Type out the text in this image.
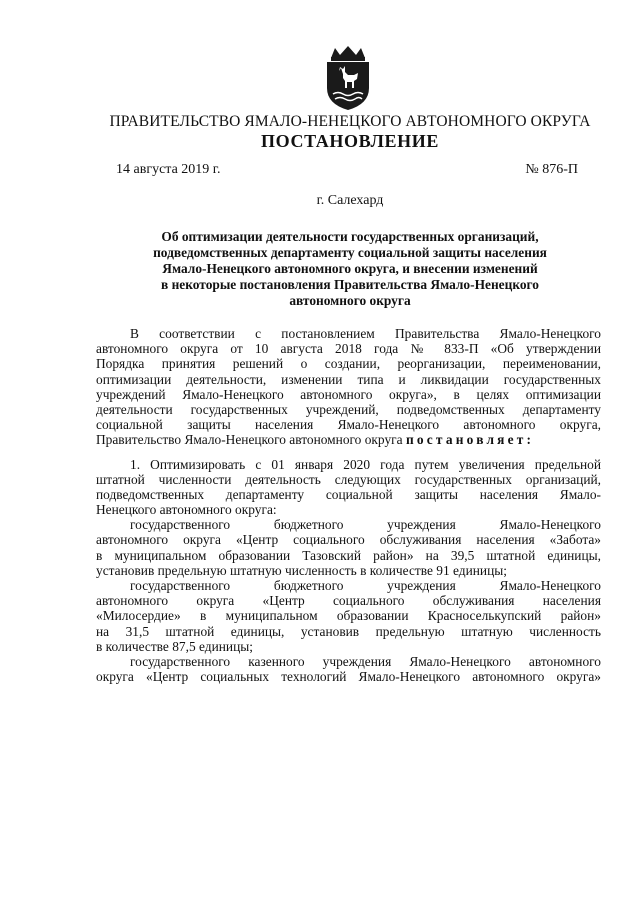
ПРАВИТЕЛЬСТВО ЯМАЛО-НЕНЕЦКОГО АВТОНОМНОГО ОКРУГА
ПОСТАНОВЛЕНИЕ
14 августа 2019 г.	№ 876-П
г. Салехард
Об оптимизации деятельности государственных организаций,
подведомственных департаменту социальной защиты населения
Ямало-Ненецкого автономного округа, и внесении изменений
в некоторые постановления Правительства Ямало-Ненецкого
автономного округа
В соответствии с постановлением Правительства Ямало-Ненецкого
автономного округа от 10 августа 2018 года № 833-П «Об утверждении
Порядка принятия решений о создании, реорганизации, переименовании,
оптимизации деятельности, изменении типа и ликвидации государственных
учреждений Ямало-Ненецкого автономного округа», в целях оптимизации
деятельности государственных учреждений, подведомственных департаменту
социальной защиты населения Ямало-Ненецкого автономного округа,
Правительство Ямало-Ненецкого автономного округа постановляет:
1. Оптимизировать с 01 января 2020 года путем увеличения предельной
штатной численности деятельность следующих государственных организаций,
подведомственных департаменту социальной защиты населения Ямало-
Ненецкого автономного округа:
государственного бюджетного учреждения Ямало-Ненецкого
автономного округа «Центр социального обслуживания населения «Забота»
в муниципальном образовании Тазовский район» на 39,5 штатной единицы,
установив предельную штатную численность в количестве 91 единицы;
государственного бюджетного учреждения Ямало-Ненецкого
автономного округа «Центр социального обслуживания населения
«Милосердие» в муниципальном образовании Красноселькупский район»
на 31,5 штатной единицы, установив предельную штатную численность
в количестве 87,5 единицы;
государственного казенного учреждения Ямало-Ненецкого автономного
округа «Центр социальных технологий Ямало-Ненецкого автономного округа»
